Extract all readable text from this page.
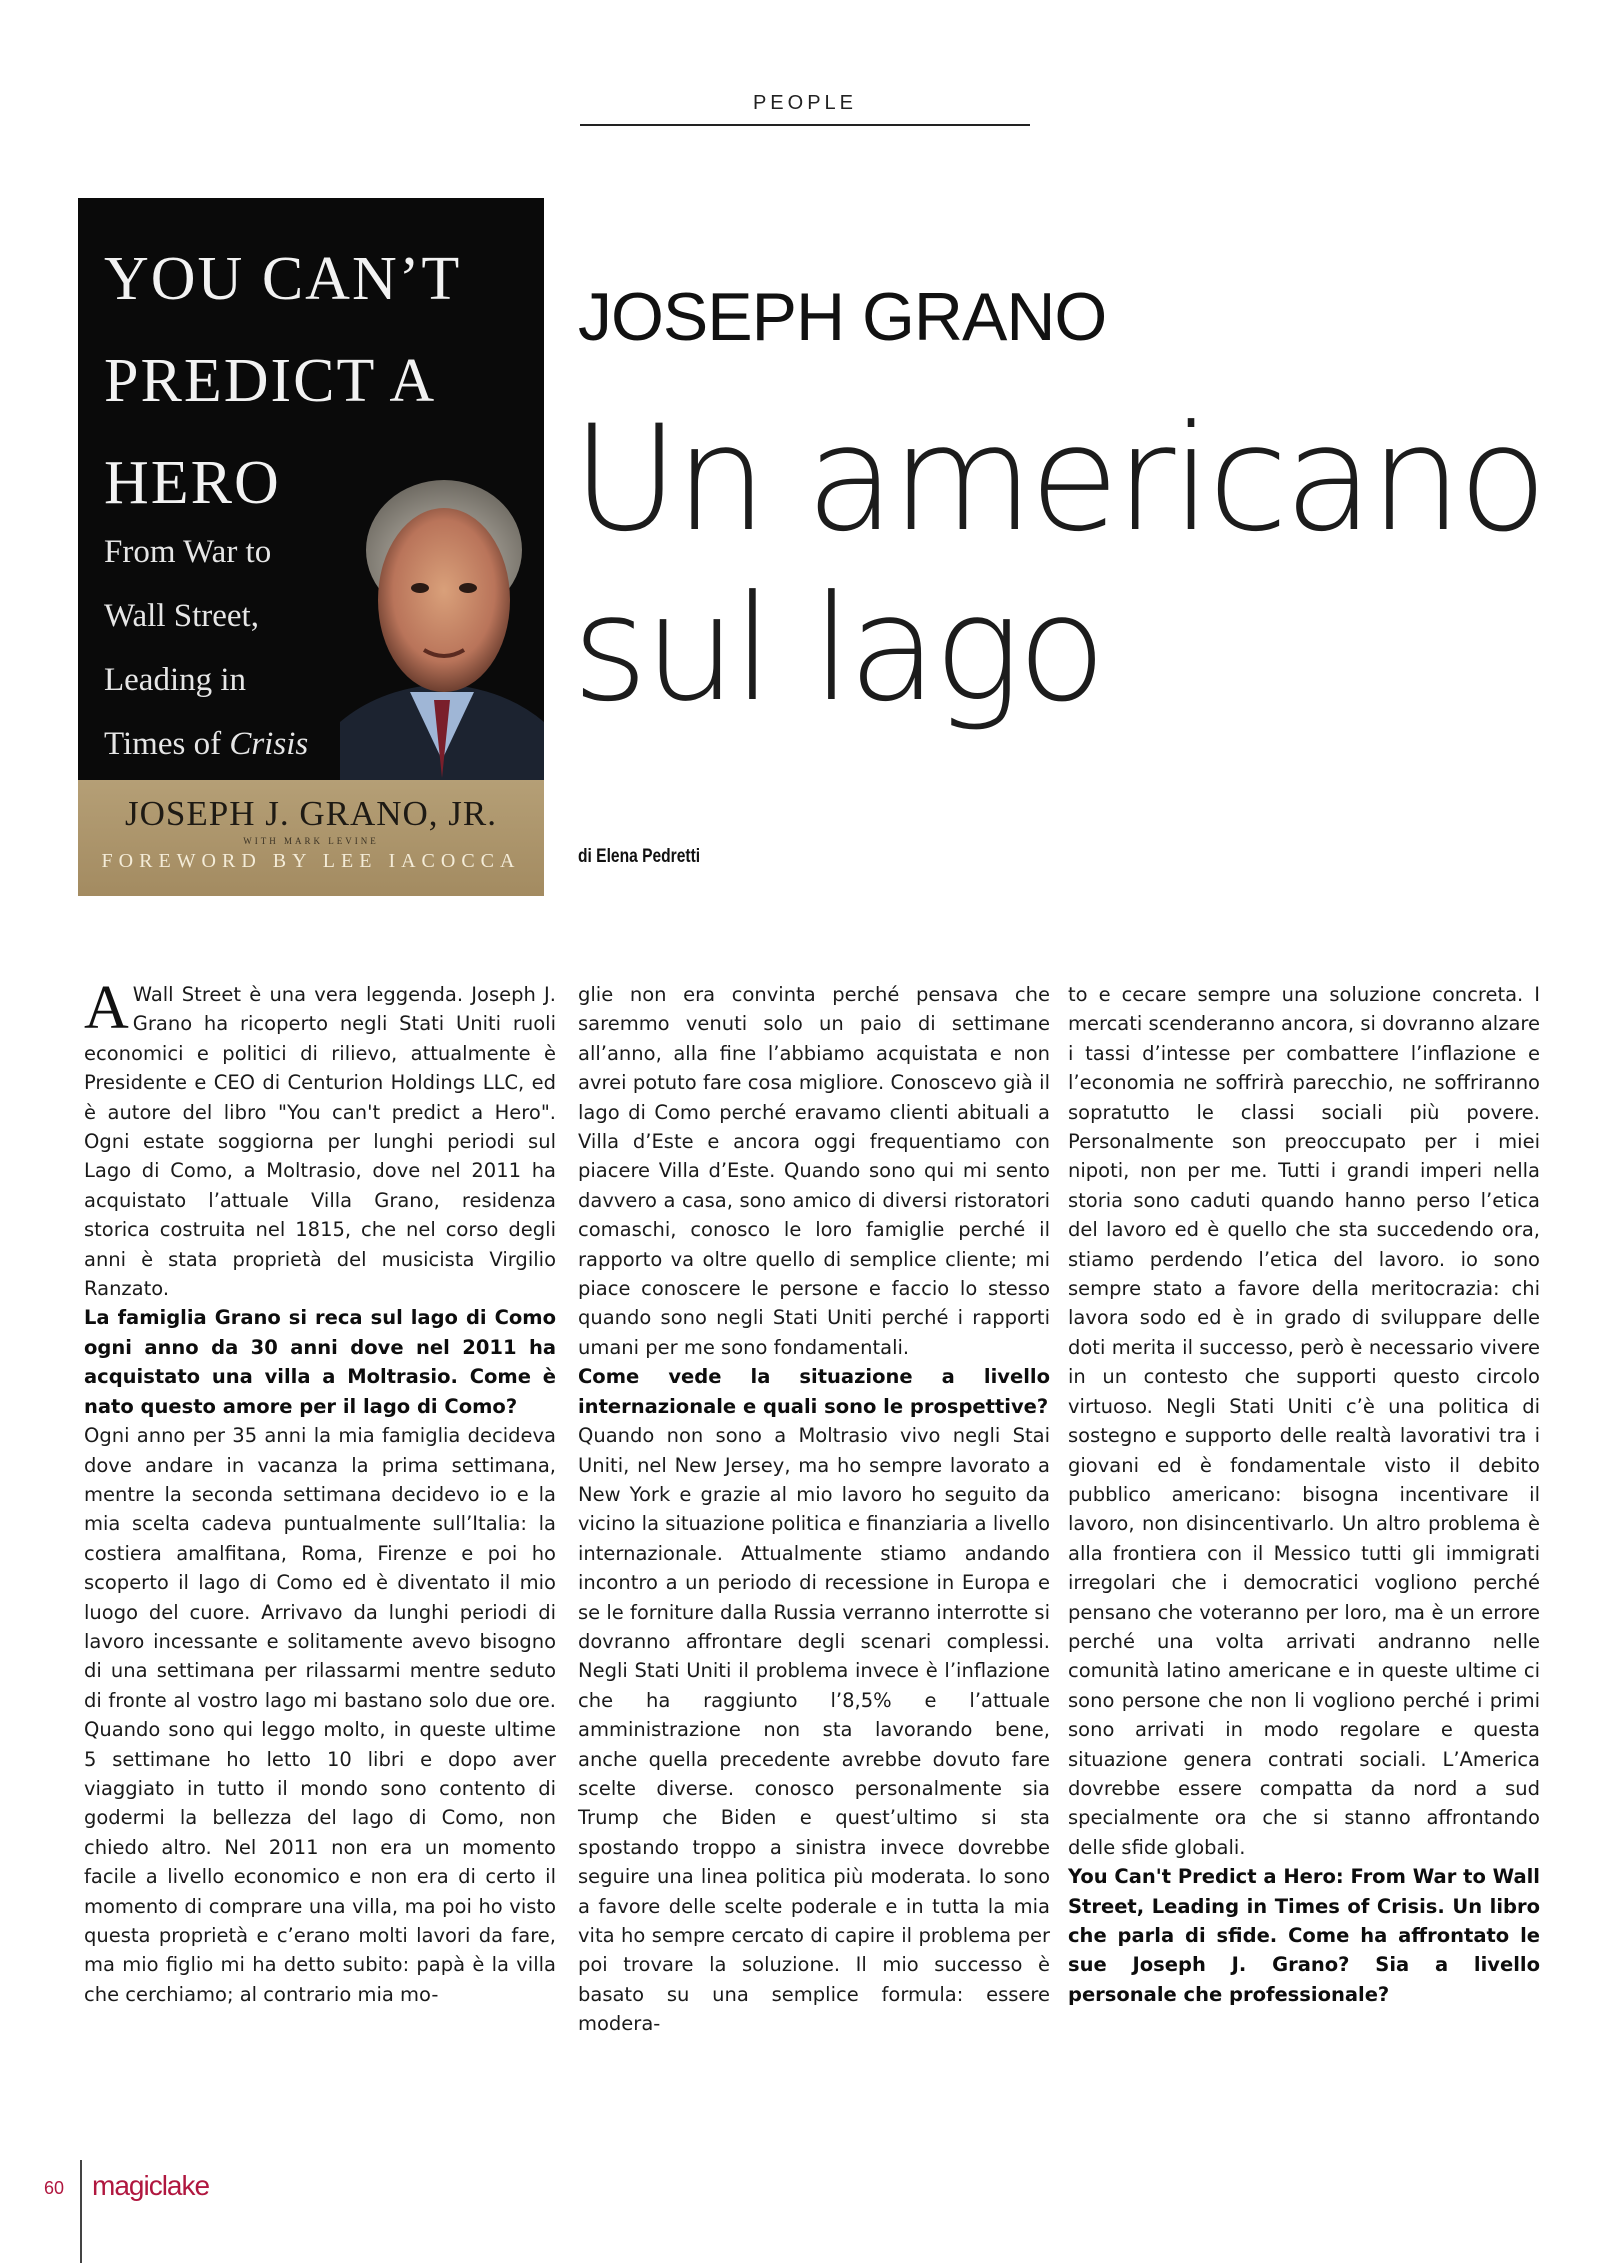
PEOPLE
YOU CAN’T
PREDICT A
HERO
From War to
Wall Street,
Leading in
Times of Crisis
JOSEPH J. GRANO, JR.
WITH MARK LEVINE
FOREWORD BY LEE IACOCCA
JOSEPH GRANO
Un americano
sul lago
di Elena Pedretti

A Wall Street è una vera leggenda. Joseph J. Grano ha ricoperto negli Stati Uniti ruoli economici e politici di rilievo, attualmente è Presidente e CEO di Centurion Holdings LLC, ed è autore del libro "You can't predict a Hero". Ogni estate soggiorna per lunghi periodi sul Lago di Como, a Moltrasio, dove nel 2011 ha acquistato l’attuale Villa Grano, residenza storica costruita nel 1815, che nel corso degli anni è stata proprietà del musicista Virgilio Ranzato.

La famiglia Grano si reca sul lago di Como ogni anno da 30 anni dove nel 2011 ha acquistato una villa a Moltrasio. Come è nato questo amore per il lago di Como?

Ogni anno per 35 anni la mia famiglia decideva dove andare in vacanza la prima settimana, mentre la seconda settimana decidevo io e la mia scelta cadeva puntualmente sull’Italia: la costiera amalfitana, Roma, Firenze e poi ho scoperto il lago di Como ed è diventato il mio luogo del cuore. Arrivavo da lunghi periodi di lavoro incessante e solitamente avevo bisogno di una settimana per rilassarmi mentre seduto di fronte al vostro lago mi bastano solo due ore. Quando sono qui leggo molto, in queste ultime 5 settimane ho letto 10 libri e dopo aver viaggiato in tutto il mondo sono contento di godermi la bellezza del lago di Como, non chiedo altro. Nel 2011 non era un momento facile a livello economico e non era di certo il momento di comprare una villa, ma poi ho visto questa proprietà e c’erano molti lavori da fare, ma mio figlio mi ha detto subito: papà è la villa che cerchiamo; al contrario mia mo-

glie non era convinta perché pensava che saremmo venuti solo un paio di settimane all’anno, alla fine l’abbiamo acquistata e non avrei potuto fare cosa migliore. Conoscevo già il lago di Como perché eravamo clienti abituali a Villa d’Este e ancora oggi frequentiamo con piacere Villa d’Este. Quando sono qui mi sento davvero a casa, sono amico di diversi ristoratori comaschi, conosco le loro famiglie perché il rapporto va oltre quello di semplice cliente; mi piace conoscere le persone e faccio lo stesso quando sono negli Stati Uniti perché i rapporti umani per me sono fondamentali.

Come vede la situazione a livello internazionale e quali sono le prospettive?

Quando non sono a Moltrasio vivo negli Stai Uniti, nel New Jersey, ma ho sempre lavorato a New York e grazie al mio lavoro ho seguito da vicino la situazione politica e finanziaria a livello internazionale. Attualmente stiamo andando incontro a un periodo di recessione in Europa e se le forniture dalla Russia verranno interrotte si dovranno affrontare degli scenari complessi. Negli Stati Uniti il problema invece è l’inflazione che ha raggiunto l’8,5% e l’attuale amministrazione non sta lavorando bene, anche quella precedente avrebbe dovuto fare scelte diverse. conosco personalmente sia Trump che Biden e quest’ultimo si sta spostando troppo a sinistra invece dovrebbe seguire una linea politica più moderata. Io sono a favore delle scelte poderale e in tutta la mia vita ho sempre cercato di capire il problema per poi trovare la soluzione. Il mio successo è basato su una semplice formula: essere modera-

to e cecare sempre una soluzione concreta. I mercati scenderanno ancora, si dovranno alzare i tassi d’intesse per combattere l’inflazione e l’economia ne soffrirà parecchio, ne soffriranno sopratutto le classi sociali più povere. Personalmente son preoccupato per i miei nipoti, non per me. Tutti i grandi imperi nella storia sono caduti quando hanno perso l’etica del lavoro ed è quello che sta succedendo ora, stiamo perdendo l’etica del lavoro. io sono sempre stato a favore della meritocrazia: chi lavora sodo ed è in grado di sviluppare delle doti merita il successo, però è necessario vivere in un contesto che supporti questo circolo virtuoso. Negli Stati Uniti c’è una politica di sostegno e supporto delle realtà lavorativi tra i giovani ed è fondamentale visto il debito pubblico americano: bisogna incentivare il lavoro, non disincentivarlo. Un altro problema è alla frontiera con il Messico tutti gli immigrati irregolari che i democratici vogliono perché pensano che voteranno per loro, ma è un errore perché una volta arrivati andranno nelle comunità latino americane e in queste ultime ci sono persone che non li vogliono perché i primi sono arrivati in modo regolare e questa situazione genera contrati sociali. L’America dovrebbe essere compatta da nord a sud specialmente ora che si stanno affrontando delle sfide globali.

You Can't Predict a Hero: From War to Wall Street, Leading in Times of Crisis. Un libro che parla di sfide. Come ha affrontato le sue Joseph J. Grano? Sia a livello personale che professionale?

60 magiclake
